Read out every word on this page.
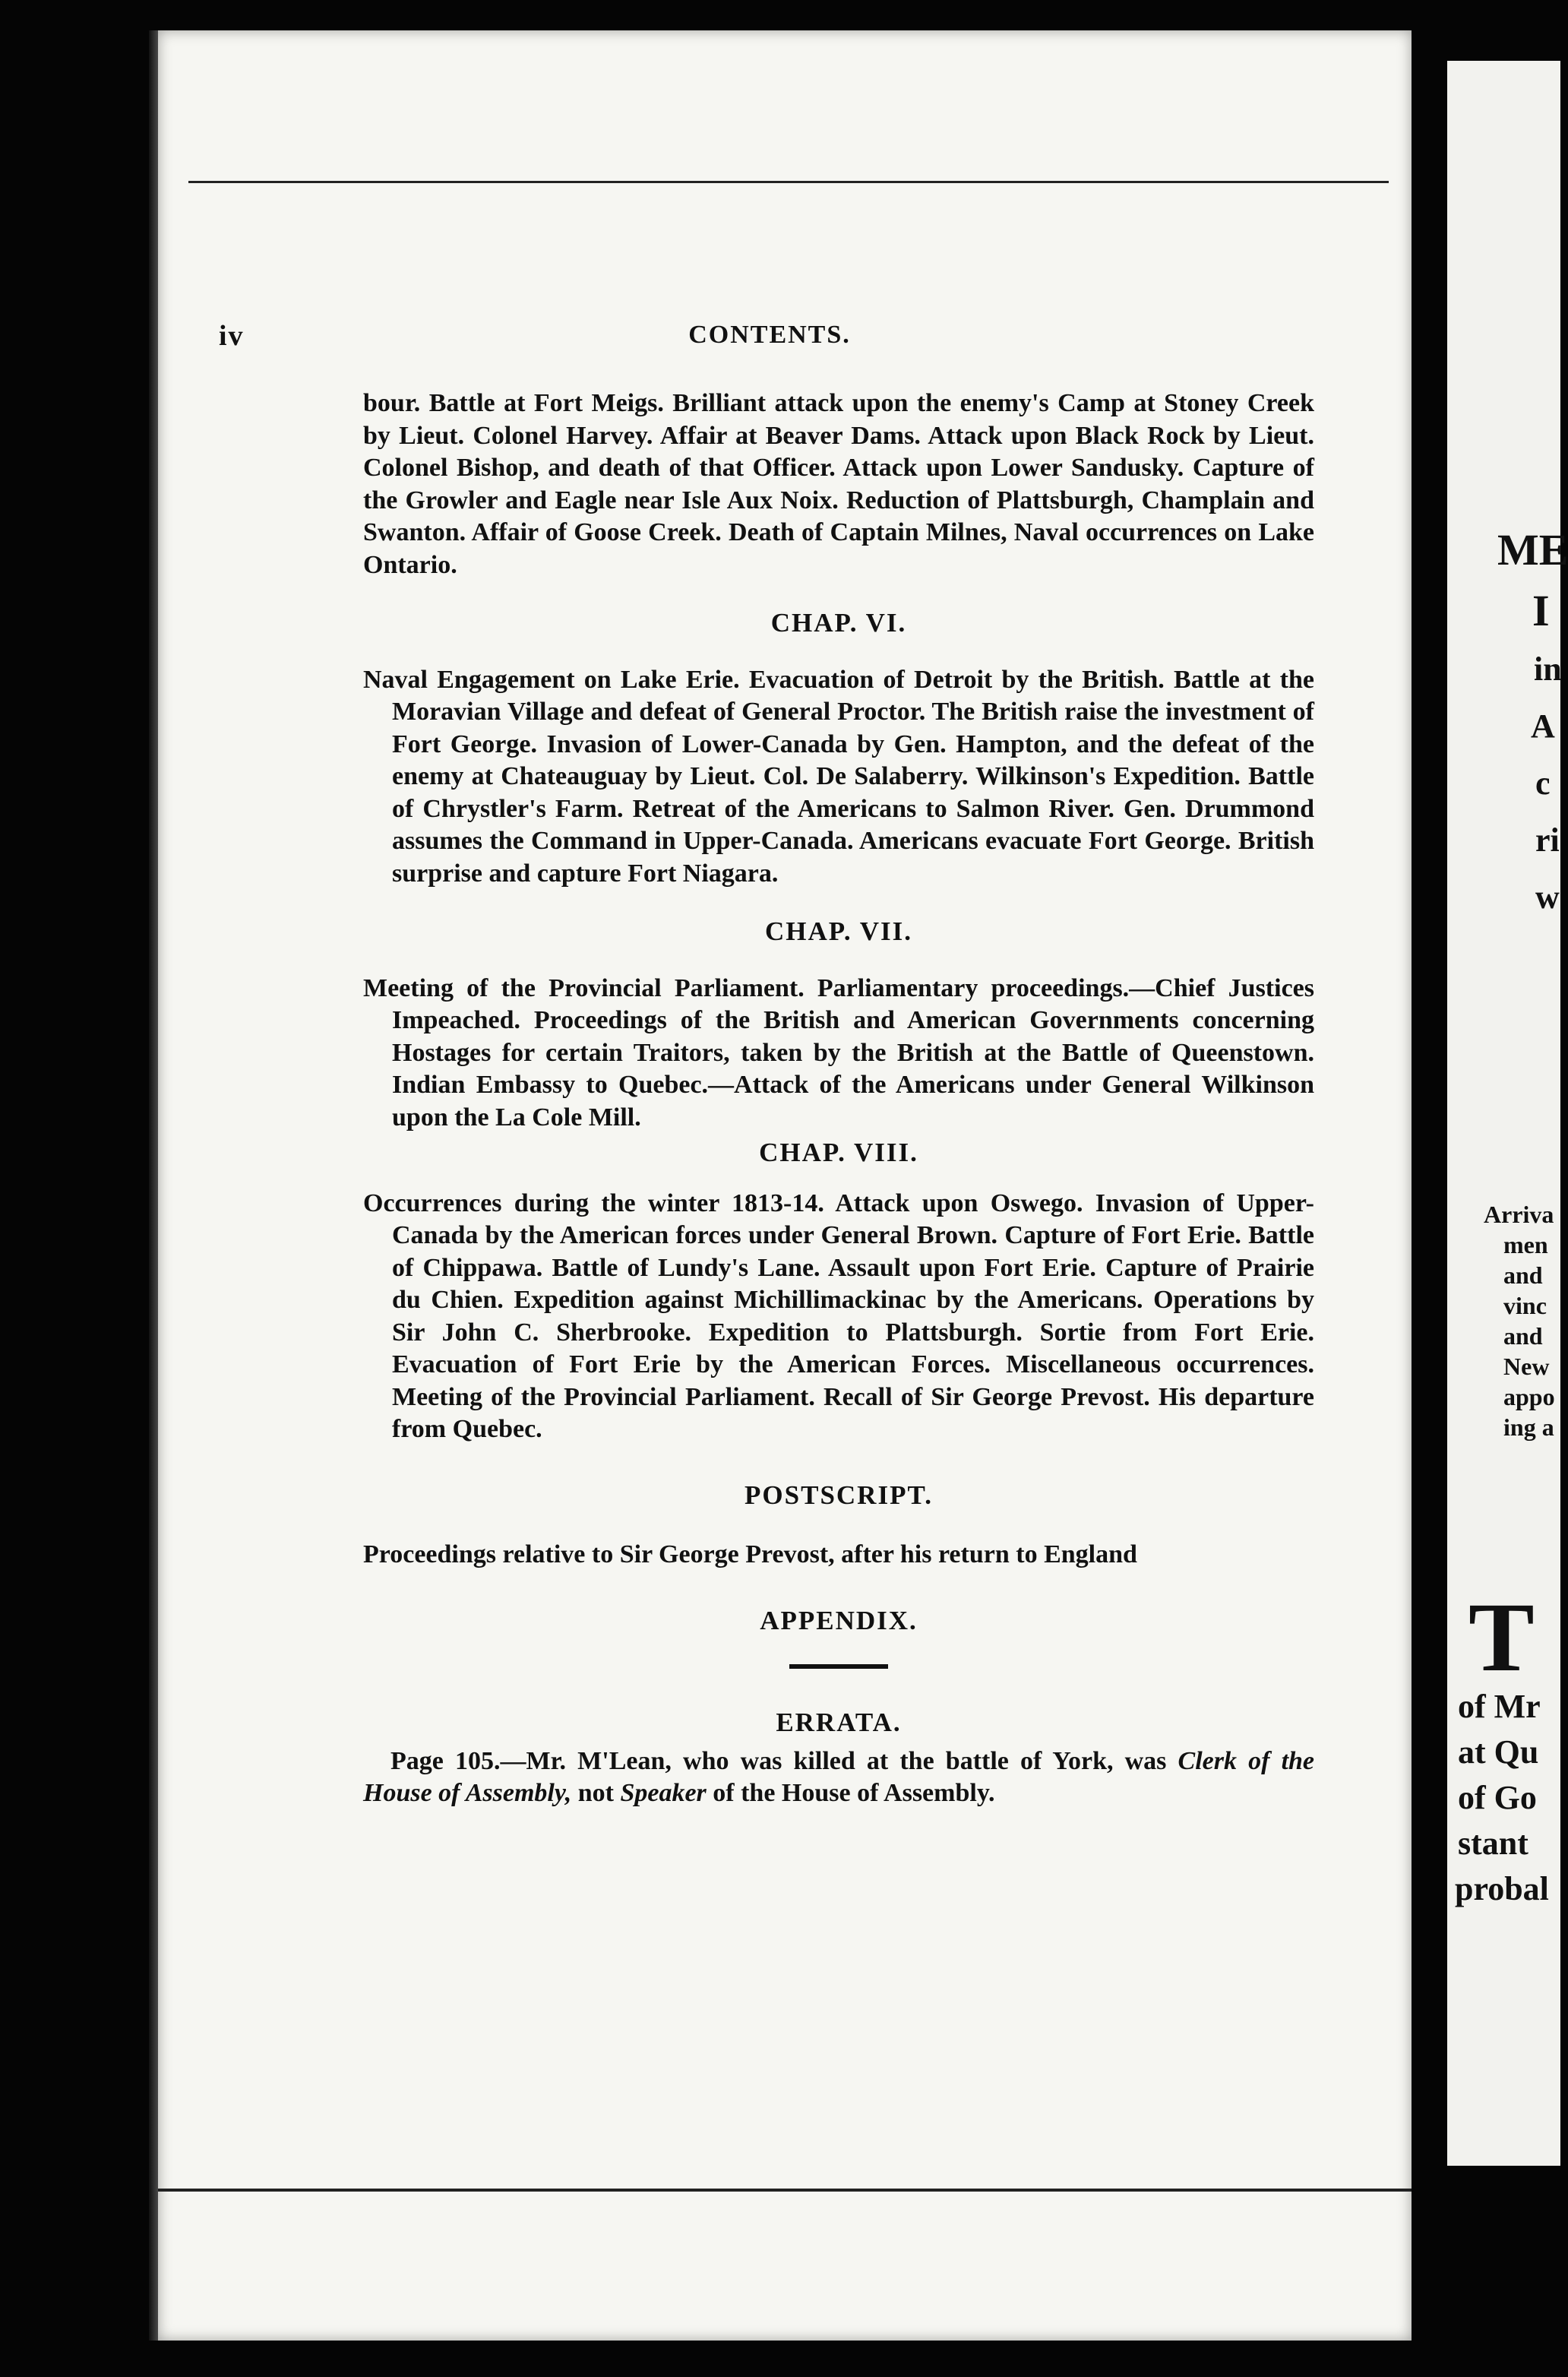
iv	CONTENTS.

bour. Battle at Fort Meigs. Brilliant attack upon the enemy's Camp at Stoney Creek by Lieut. Colonel Harvey. Affair at Beaver Dams. Attack upon Black Rock by Lieut. Colonel Bishop, and death of that Officer. Attack upon Lower Sandusky. Capture of the Growler and Eagle near Isle Aux Noix. Reduction of Plattsburgh, Champlain and Swanton. Affair of Goose Creek. Death of Captain Milnes, Naval occurrences on Lake Ontario.

CHAP. VI.

Naval Engagement on Lake Erie. Evacuation of Detroit by the British. Battle at the Moravian Village and defeat of General Proctor. The British raise the investment of Fort George. Invasion of Lower-Canada by Gen. Hampton, and the defeat of the enemy at Chateauguay by Lieut. Col. De Salaberry. Wilkinson's Expedition. Battle of Chrystler's Farm. Retreat of the Americans to Salmon River. Gen. Drummond assumes the Command in Upper-Canada. Americans evacuate Fort George. British surprise and capture Fort Niagara.

CHAP. VII.

Meeting of the Provincial Parliament. Parliamentary proceedings.—Chief Justices Impeached. Proceedings of the British and American Governments concerning Hostages for certain Traitors, taken by the British at the Battle of Queenstown. Indian Embassy to Quebec.—Attack of the Americans under General Wilkinson upon the La Cole Mill.

CHAP. VIII.

Occurrences during the winter 1813-14. Attack upon Oswego. Invasion of Upper-Canada by the American forces under General Brown. Capture of Fort Erie. Battle of Chippawa. Battle of Lundy's Lane. Assault upon Fort Erie. Capture of Prairie du Chien. Expedition against Michillimackinac by the Americans. Operations by Sir John C. Sherbrooke. Expedition to Plattsburgh. Sortie from Fort Erie. Evacuation of Fort Erie by the American Forces. Miscellaneous occurrences. Meeting of the Provincial Parliament. Recall of Sir George Prevost. His departure from Quebec.

POSTSCRIPT.

Proceedings relative to Sir George Prevost, after his return to England

APPENDIX.
ERRATA.

Page 105.—Mr. M'Lean, who was killed at the battle of York, was Clerk of the House of Assembly, not Speaker of the House of Assembly.

ME
I
in
A
c
ri
w
Arriva
men
and
vinc
and
New
appo
ing a
T
of Mr
at Qu
of Go
stant
probal
